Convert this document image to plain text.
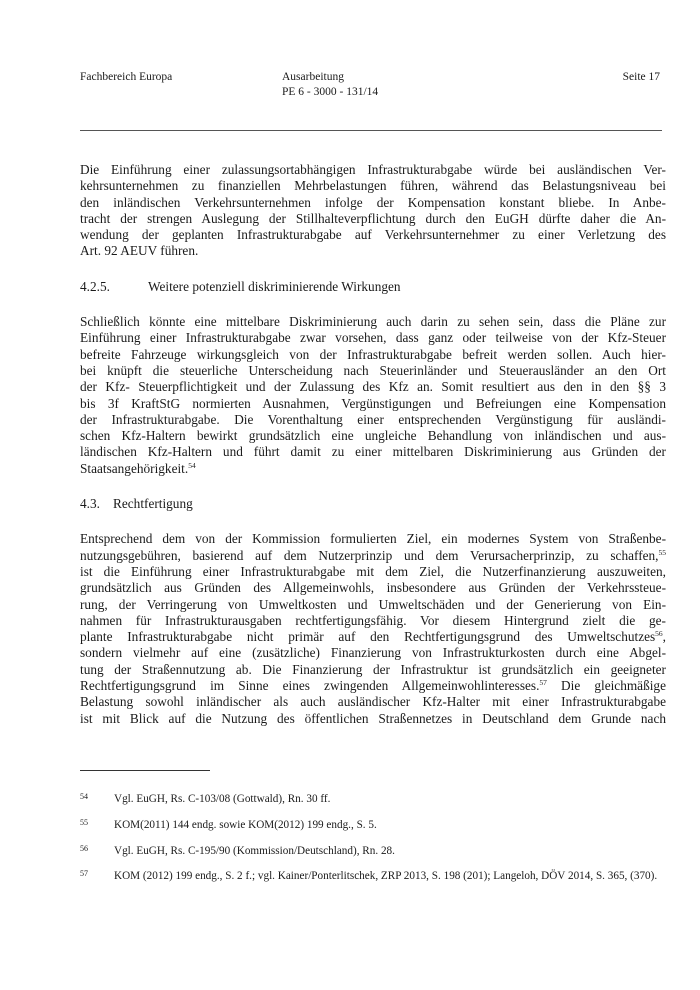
Fachbereich Europa	Ausarbeitung
PE 6 - 3000 - 131/14
Seite 17
Die Einführung einer zulassungsortabhängigen Infrastrukturabgabe würde bei ausländischen Ver-
kehrsunternehmen zu finanziellen Mehrbelastungen führen, während das Belastungsniveau bei
den inländischen Verkehrsunternehmen infolge der Kompensation konstant bliebe. In Anbe-
tracht der strengen Auslegung der Stillhalteverpflichtung durch den EuGH dürfte daher die An-
wendung der geplanten Infrastrukturabgabe auf Verkehrsunternehmer zu einer Verletzung des
Art. 92 AEUV führen.
4.2.5.	Weitere potenziell diskriminierende Wirkungen
Schließlich könnte eine mittelbare Diskriminierung auch darin zu sehen sein, dass die Pläne zur
Einführung einer Infrastrukturabgabe zwar vorsehen, dass ganz oder teilweise von der Kfz-Steuer
befreite Fahrzeuge wirkungsgleich von der Infrastrukturabgabe befreit werden sollen. Auch hier-
bei knüpft die steuerliche Unterscheidung nach Steuerinländer und Steuerausländer an den Ort
der Kfz- Steuerpflichtigkeit und der Zulassung des Kfz an. Somit resultiert aus den in den §§ 3
bis 3f KraftStG normierten Ausnahmen, Vergünstigungen und Befreiungen eine Kompensation
der Infrastrukturabgabe. Die Vorenthaltung einer entsprechenden Vergünstigung für ausländi-
schen Kfz-Haltern bewirkt grundsätzlich eine ungleiche Behandlung von inländischen und aus-
ländischen Kfz-Haltern und führt damit zu einer mittelbaren Diskriminierung aus Gründen der
Staatsangehörigkeit.$^{54}$
4.3. Rechtfertigung
Entsprechend dem von der Kommission formulierten Ziel, ein modernes System von Straßenbe-
nutzungsgebühren, basierend auf dem Nutzerprinzip und dem Verursacherprinzip, zu schaffen,$^{55}$
ist die Einführung einer Infrastrukturabgabe mit dem Ziel, die Nutzerfinanzierung auszuweiten,
grundsätzlich aus Gründen des Allgemeinwohls, insbesondere aus Gründen der Verkehrssteue-
rung, der Verringerung von Umweltkosten und Umweltschäden und der Generierung von Ein-
nahmen für Infrastrukturausgaben rechtfertigungsfähig. Vor diesem Hintergrund zielt die ge-
plante Infrastrukturabgabe nicht primär auf den Rechtfertigungsgrund des Umweltschutzes$^{56}$,
sondern vielmehr auf eine (zusätzliche) Finanzierung von Infrastrukturkosten durch eine Abgel-
tung der Straßennutzung ab. Die Finanzierung der Infrastruktur ist grundsätzlich ein geeigneter
Rechtfertigungsgrund im Sinne eines zwingenden Allgemeinwohlinteresses.$^{57}$ Die gleichmäßige
Belastung sowohl inländischer als auch ausländischer Kfz-Halter mit einer Infrastrukturabgabe
ist mit Blick auf die Nutzung des öffentlichen Straßennetzes in Deutschland dem Grunde nach
54 Vgl. EuGH, Rs. C-103/08 (Gottwald), Rn. 30 ff.
55 KOM(2011) 144 endg. sowie KOM(2012) 199 endg., S. 5.
56 Vgl. EuGH, Rs. C-195/90 (Kommission/Deutschland), Rn. 28.
57 KOM (2012) 199 endg., S. 2 f.; vgl. Kainer/Ponterlitschek, ZRP 2013, S. 198 (201); Langeloh, DÖV 2014, S. 365, (370).
